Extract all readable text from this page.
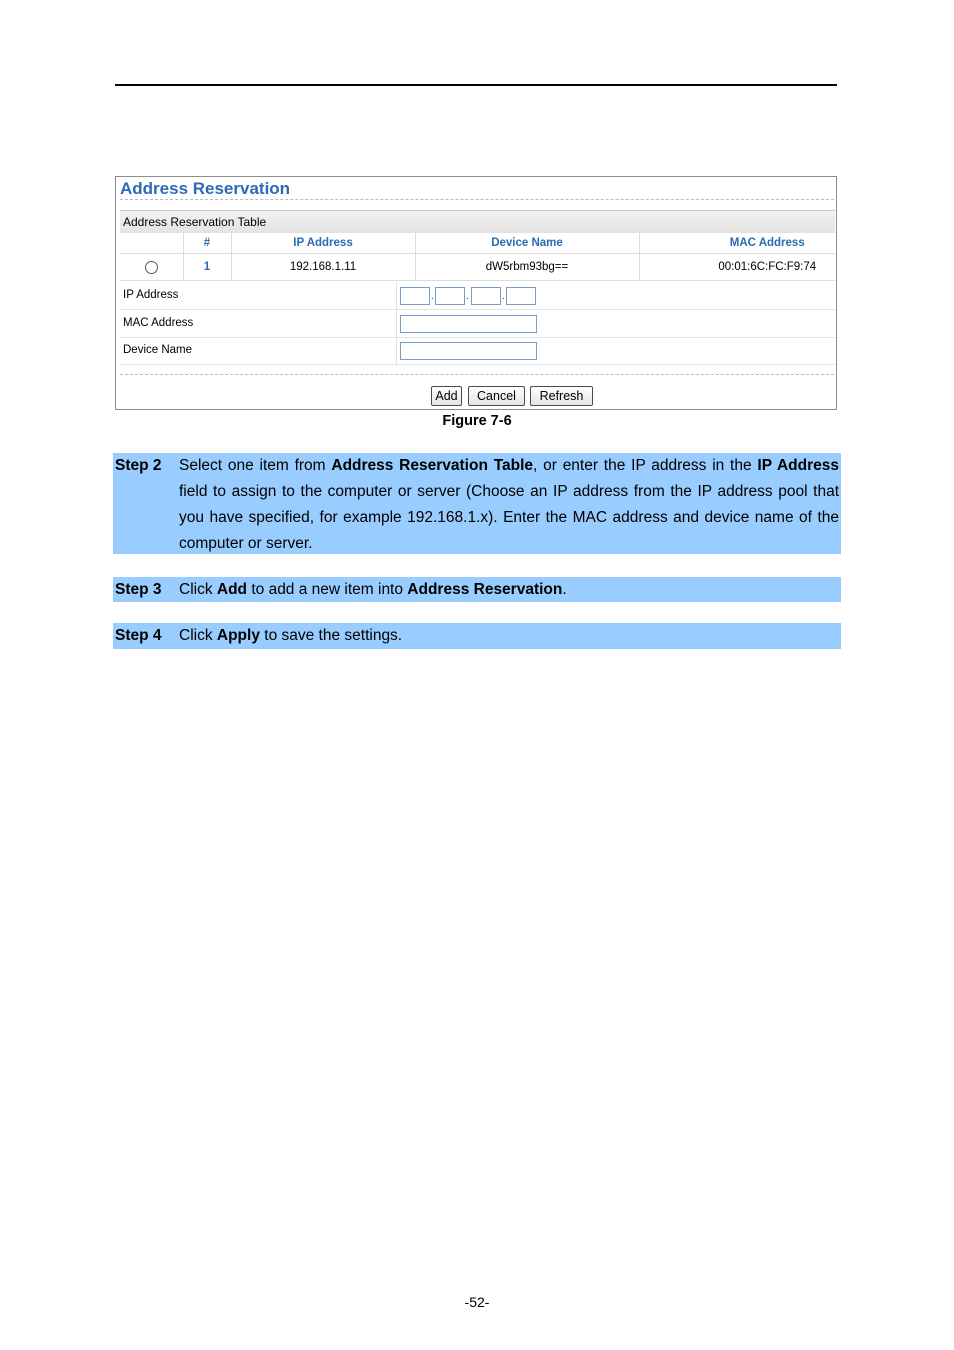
Address Reservation
Address Reservation Table
	#	IP Address	Device Name	MAC Address
	1	192.168.1.11	dW5rbm93bg==	00:01:6C:FC:F9:74
IP Address	.	.	.
MAC Address
Device Name
Add	Cancel	Refresh
Figure 7-6
Step 2 Select one item from Address Reservation Table, or enter the IP address in the IP Address field to assign to the computer or server (Choose an IP address from the IP address pool that you have specified, for example 192.168.1.x). Enter the MAC address and device name of the computer or server.
Step 3 Click Add to add a new item into Address Reservation.
Step 4 Click Apply to save the settings.
-52-
